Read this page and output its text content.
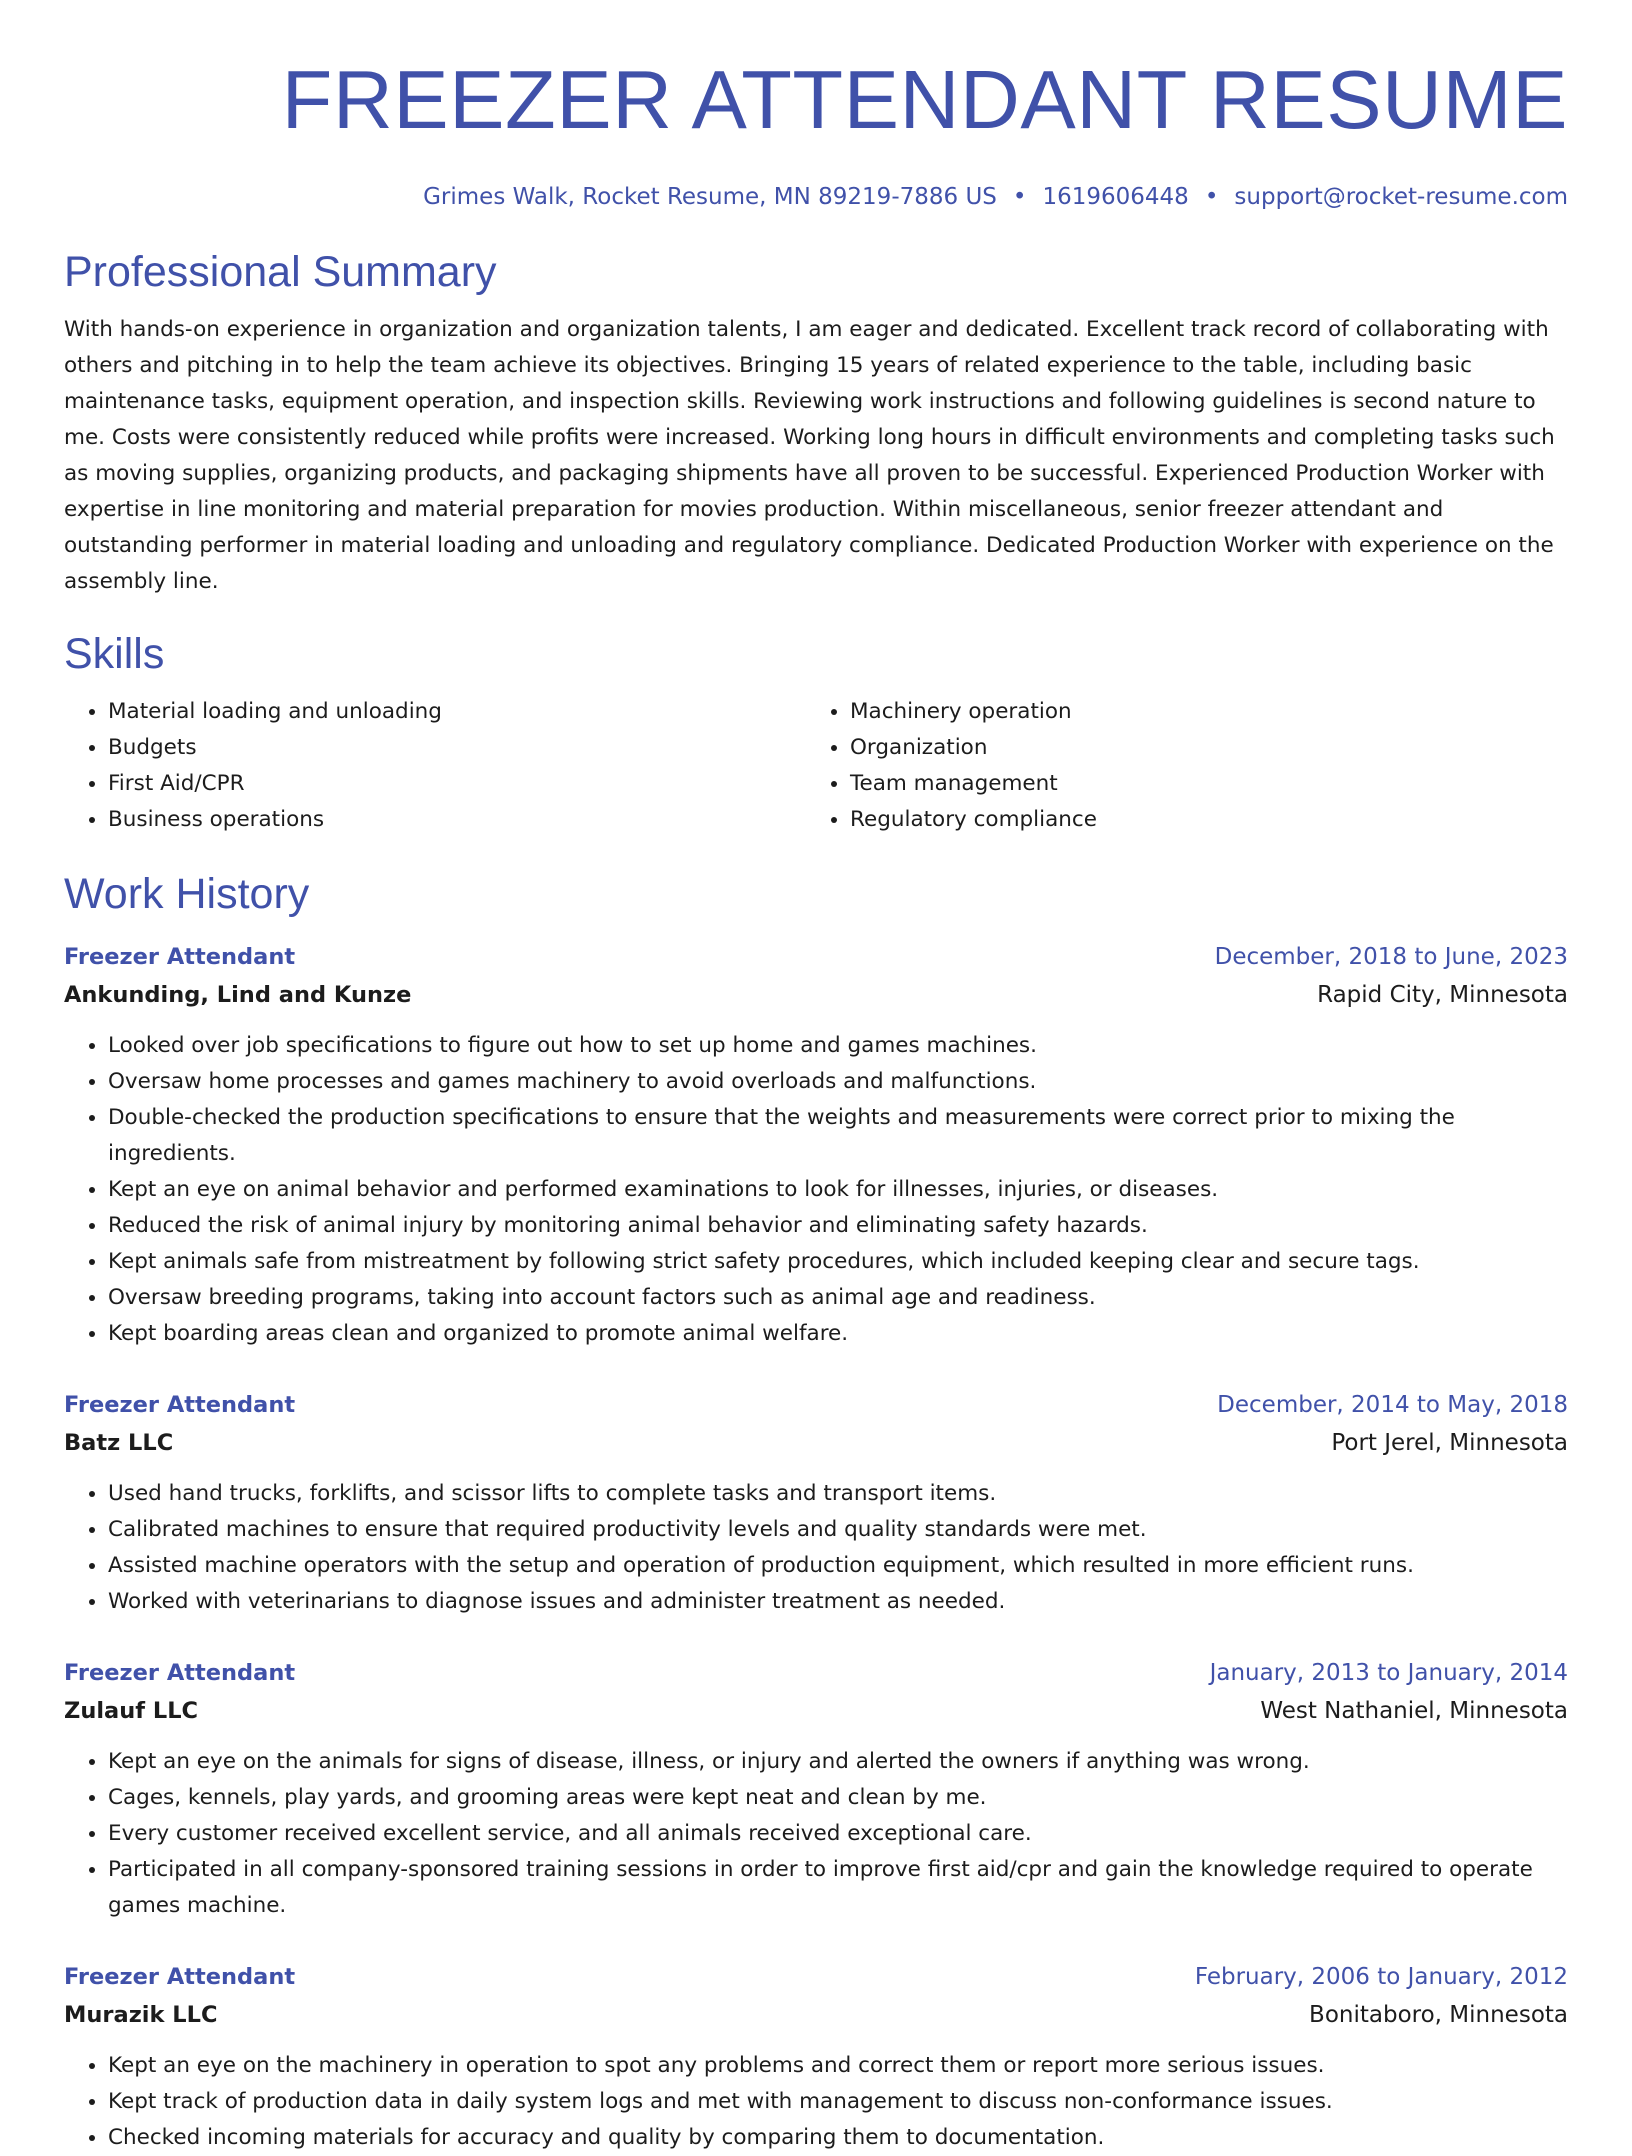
FREEZER ATTENDANT RESUME
Grimes Walk, Rocket Resume, MN 89219-7886 US • 1619606448 • support@rocket-resume.com
Professional Summary

With hands-on experience in organization and organization talents, I am eager and dedicated. Excellent track record of collaborating with others and pitching in to help the team achieve its objectives. Bringing 15 years of related experience to the table, including basic maintenance tasks, equipment operation, and inspection skills. Reviewing work instructions and following guidelines is second nature to me. Costs were consistently reduced while profits were increased. Working long hours in difficult environments and completing tasks such as moving supplies, organizing products, and packaging shipments have all proven to be successful. Experienced Production Worker with expertise in line monitoring and material preparation for movies production. Within miscellaneous, senior freezer attendant and outstanding performer in material loading and unloading and regulatory compliance. Dedicated Production Worker with experience on the assembly line.

Skills
• Material loading and unloading
• Budgets
• First Aid/CPR
• Business operations
• Machinery operation
• Organization
• Team management
• Regulatory compliance
Work History
Freezer Attendant	December, 2018 to June, 2023
Ankunding, Lind and Kunze	Rapid City, Minnesota
• Looked over job specifications to figure out how to set up home and games machines.
• Oversaw home processes and games machinery to avoid overloads and malfunctions.
• Double-checked the production specifications to ensure that the weights and measurements were correct prior to mixing the ingredients.
• Kept an eye on animal behavior and performed examinations to look for illnesses, injuries, or diseases.
• Reduced the risk of animal injury by monitoring animal behavior and eliminating safety hazards.
• Kept animals safe from mistreatment by following strict safety procedures, which included keeping clear and secure tags.
• Oversaw breeding programs, taking into account factors such as animal age and readiness.
• Kept boarding areas clean and organized to promote animal welfare.
Freezer Attendant	December, 2014 to May, 2018
Batz LLC	Port Jerel, Minnesota
• Used hand trucks, forklifts, and scissor lifts to complete tasks and transport items.
• Calibrated machines to ensure that required productivity levels and quality standards were met.
• Assisted machine operators with the setup and operation of production equipment, which resulted in more efficient runs.
• Worked with veterinarians to diagnose issues and administer treatment as needed.
Freezer Attendant	January, 2013 to January, 2014
Zulauf LLC	West Nathaniel, Minnesota
• Kept an eye on the animals for signs of disease, illness, or injury and alerted the owners if anything was wrong.
• Cages, kennels, play yards, and grooming areas were kept neat and clean by me.
• Every customer received excellent service, and all animals received exceptional care.
• Participated in all company-sponsored training sessions in order to improve first aid/cpr and gain the knowledge required to operate games machine.
Freezer Attendant	February, 2006 to January, 2012
Murazik LLC	Bonitaboro, Minnesota
• Kept an eye on the machinery in operation to spot any problems and correct them or report more serious issues.
• Kept track of production data in daily system logs and met with management to discuss non-conformance issues.
• Checked incoming materials for accuracy and quality by comparing them to documentation.
